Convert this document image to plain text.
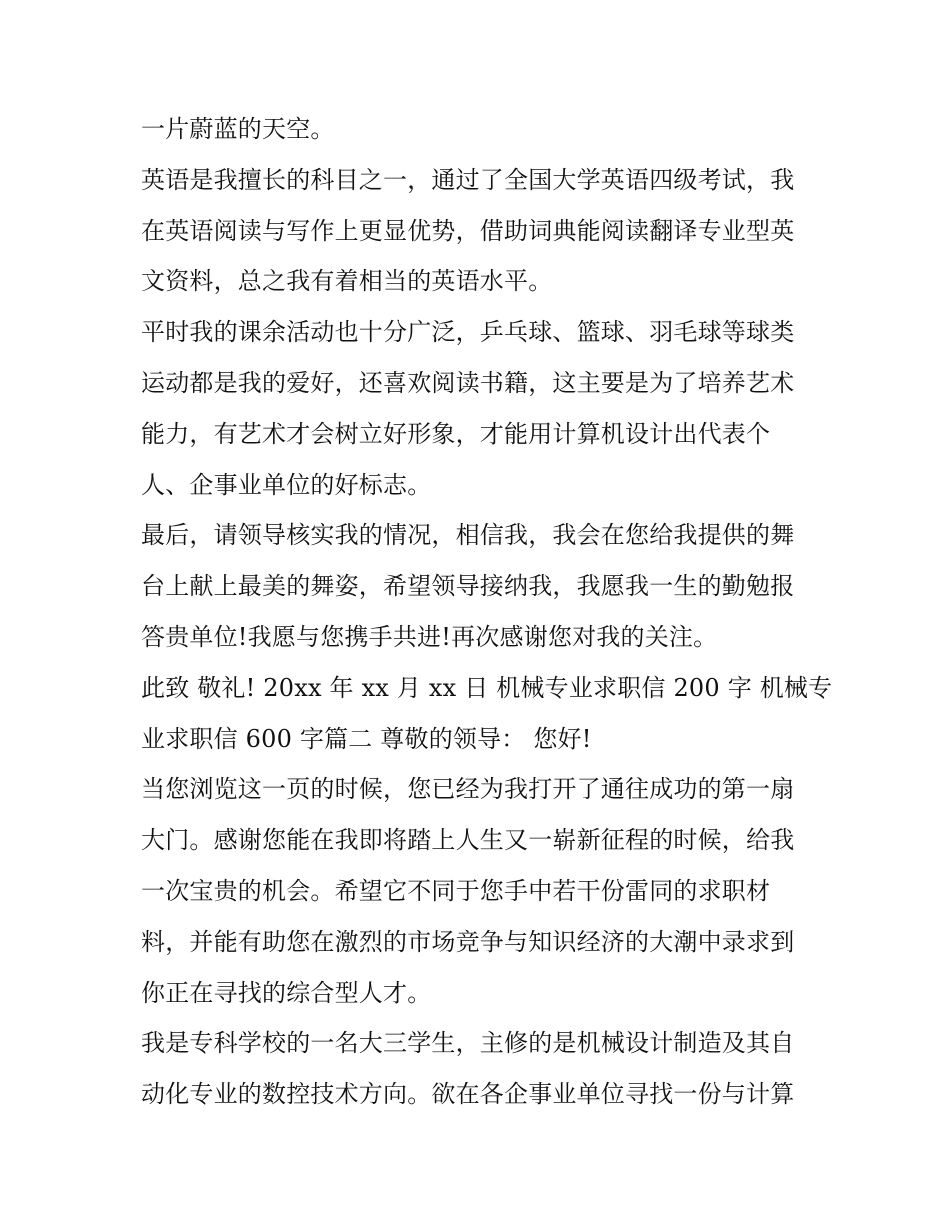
一片蔚蓝的天空。
英语是我擅长的科目之一，通过了全国大学英语四级考试，我
在英语阅读与写作上更显优势，借助词典能阅读翻译专业型英
文资料，总之我有着相当的英语水平。
平时我的课余活动也十分广泛，乒乓球、篮球、羽毛球等球类
运动都是我的爱好，还喜欢阅读书籍，这主要是为了培养艺术
能力，有艺术才会树立好形象，才能用计算机设计出代表个
人、企事业单位的好标志。
最后，请领导核实我的情况，相信我，我会在您给我提供的舞
台上献上最美的舞姿，希望领导接纳我，我愿我一生的勤勉报
答贵单位!我愿与您携手共进!再次感谢您对我的关注。
此致 敬礼! 20xx 年 xx 月 xx 日 机械专业求职信 200 字 机械专
业求职信 600 字篇二 尊敬的领导： 您好!
当您浏览这一页的时候，您已经为我打开了通往成功的第一扇
大门。感谢您能在我即将踏上人生又一崭新征程的时候，给我
一次宝贵的机会。希望它不同于您手中若干份雷同的求职材
料，并能有助您在激烈的市场竞争与知识经济的大潮中录求到
你正在寻找的综合型人才。
我是专科学校的一名大三学生，主修的是机械设计制造及其自
动化专业的数控技术方向。欲在各企事业单位寻找一份与计算
